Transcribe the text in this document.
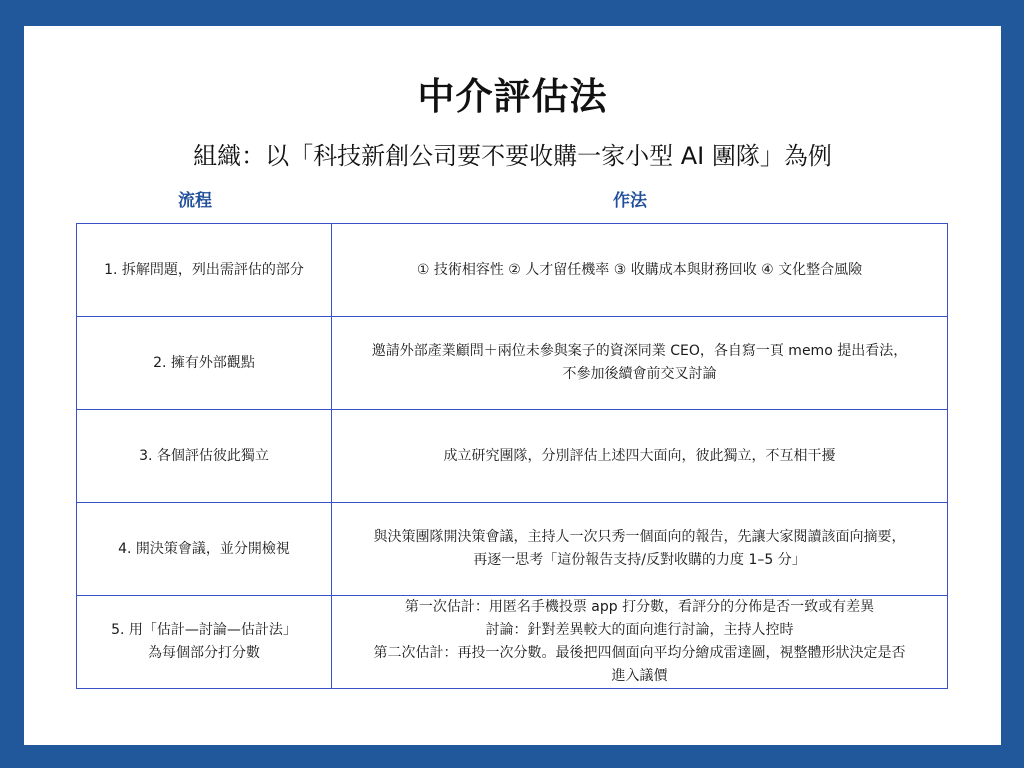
中介評估法
組織：以「科技新創公司要不要收購一家小型 AI 團隊」為例
流程	作法
1. 拆解問題，列出需評估的部分	① 技術相容性 ② 人才留任機率 ③ 收購成本與財務回收 ④ 文化整合風險

2. 擁有外部觀點	邀請外部產業顧問＋兩位未參與案子的資深同業 CEO，各自寫一頁 memo 提出看法，
不參加後續會前交叉討論

3. 各個評估彼此獨立	成立研究團隊，分別評估上述四大面向，彼此獨立，不互相干擾

4. 開決策會議，並分開檢視	與決策團隊開決策會議，主持人一次只秀一個面向的報告，先讓大家閱讀該面向摘要，
再逐一思考「這份報告支持/反對收購的力度 1–5 分」

5. 用「估計—討論—估計法」
為每個部分打分數	第一次估計：用匿名手機投票 app 打分數，看評分的分佈是否一致或有差異
討論：針對差異較大的面向進行討論，主持人控時
第二次估計：再投一次分數。最後把四個面向平均分繪成雷達圖，視整體形狀決定是否
進入議價
